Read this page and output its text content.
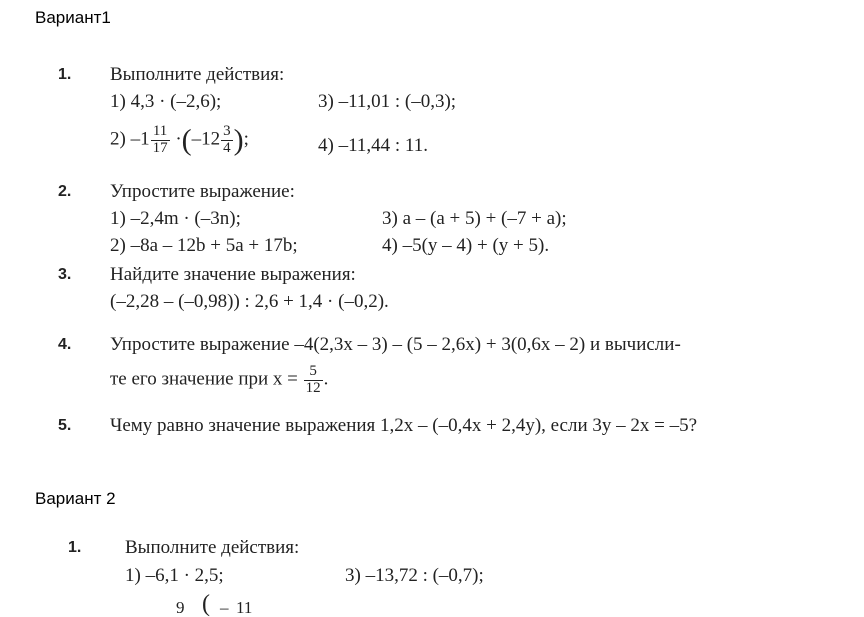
Вариант1
1. Выполните действия:
1) 4,3 · (–2,6);	3) –11,01 : (–0,3);
2) $-1 \frac{11}{17} \cdot(-12 \frac{3}{4}$ );	4) –11,44 : 11.
2. Упростите выражение:
1) –2,4m · (–3n);	3) a – (a + 5) + (–7 + a);
2) –8a – 12b + 5a + 17b;	4) –5(y – 4) + (y + 5).
3. Найдите значение выражения:
(–2,28 – (–0,98)) : 2,6 + 1,4 · (–0,2).
4. Упростите выражение –4(2,3x – 3) – (5 – 2,6x) + 3(0,6x – 2) и вычисли-
те его значение при $x = \frac{5}{12}$ .
5. Чему равно значение выражения 1,2x – (–0,4x + 2,4y), если 3y – 2x = –5?
Вариант 2
1. Выполните действия:
1) –6,1 · 2,5;	3) –13,72 : (–0,7);
9 ( – 11
